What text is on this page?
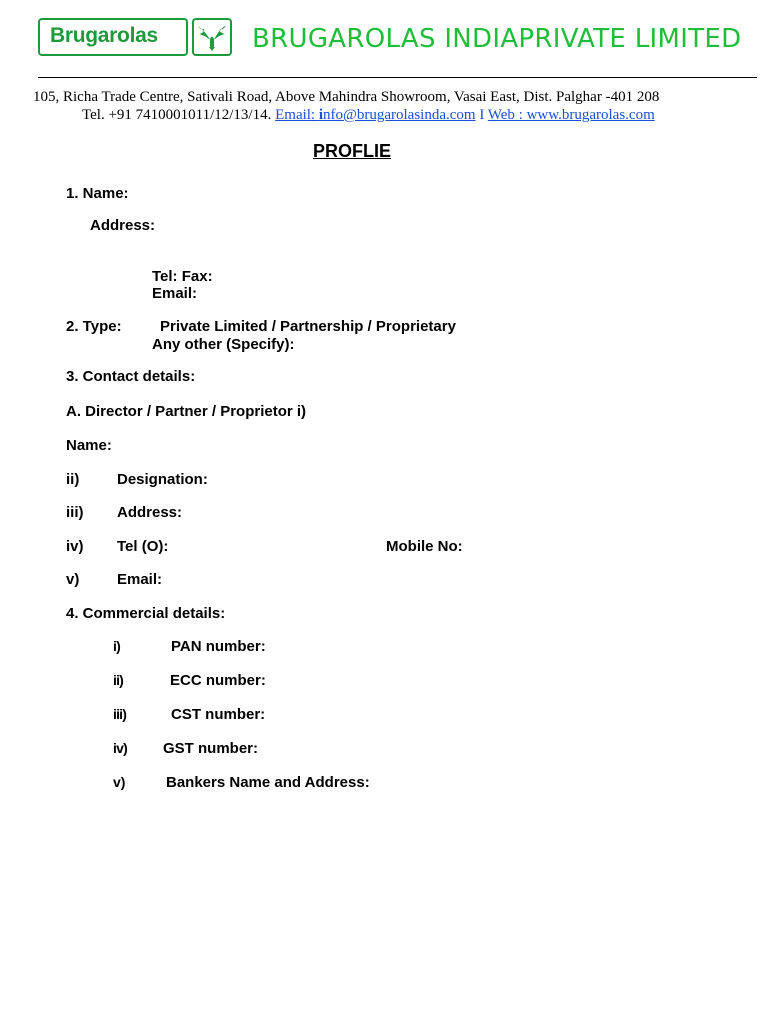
Brugarolas	BRUGAROLAS INDIAPRIVATE LIMITED
105, Richa Trade Centre, Sativali Road, Above Mahindra Showroom, Vasai East, Dist. Palghar -401 208
Tel. +91 7410001011/12/13/14. Email: info@brugarolasinda.com I Web : www.brugarolas.com
PROFLIE
1. Name:
Address:
Tel: Fax:
Email:
2. Type:	Private Limited / Partnership / Proprietary
Any other (Specify):
3. Contact details:
A. Director / Partner / Proprietor i)
Name:
ii)	Designation:
iii) Address:
iv) Tel (O):	Mobile No:
v)	Email:
4. Commercial details:
i)	PAN number:
ii)	ECC number:
iii)	CST number:
iv) GST number:
v)	Bankers Name and Address:
